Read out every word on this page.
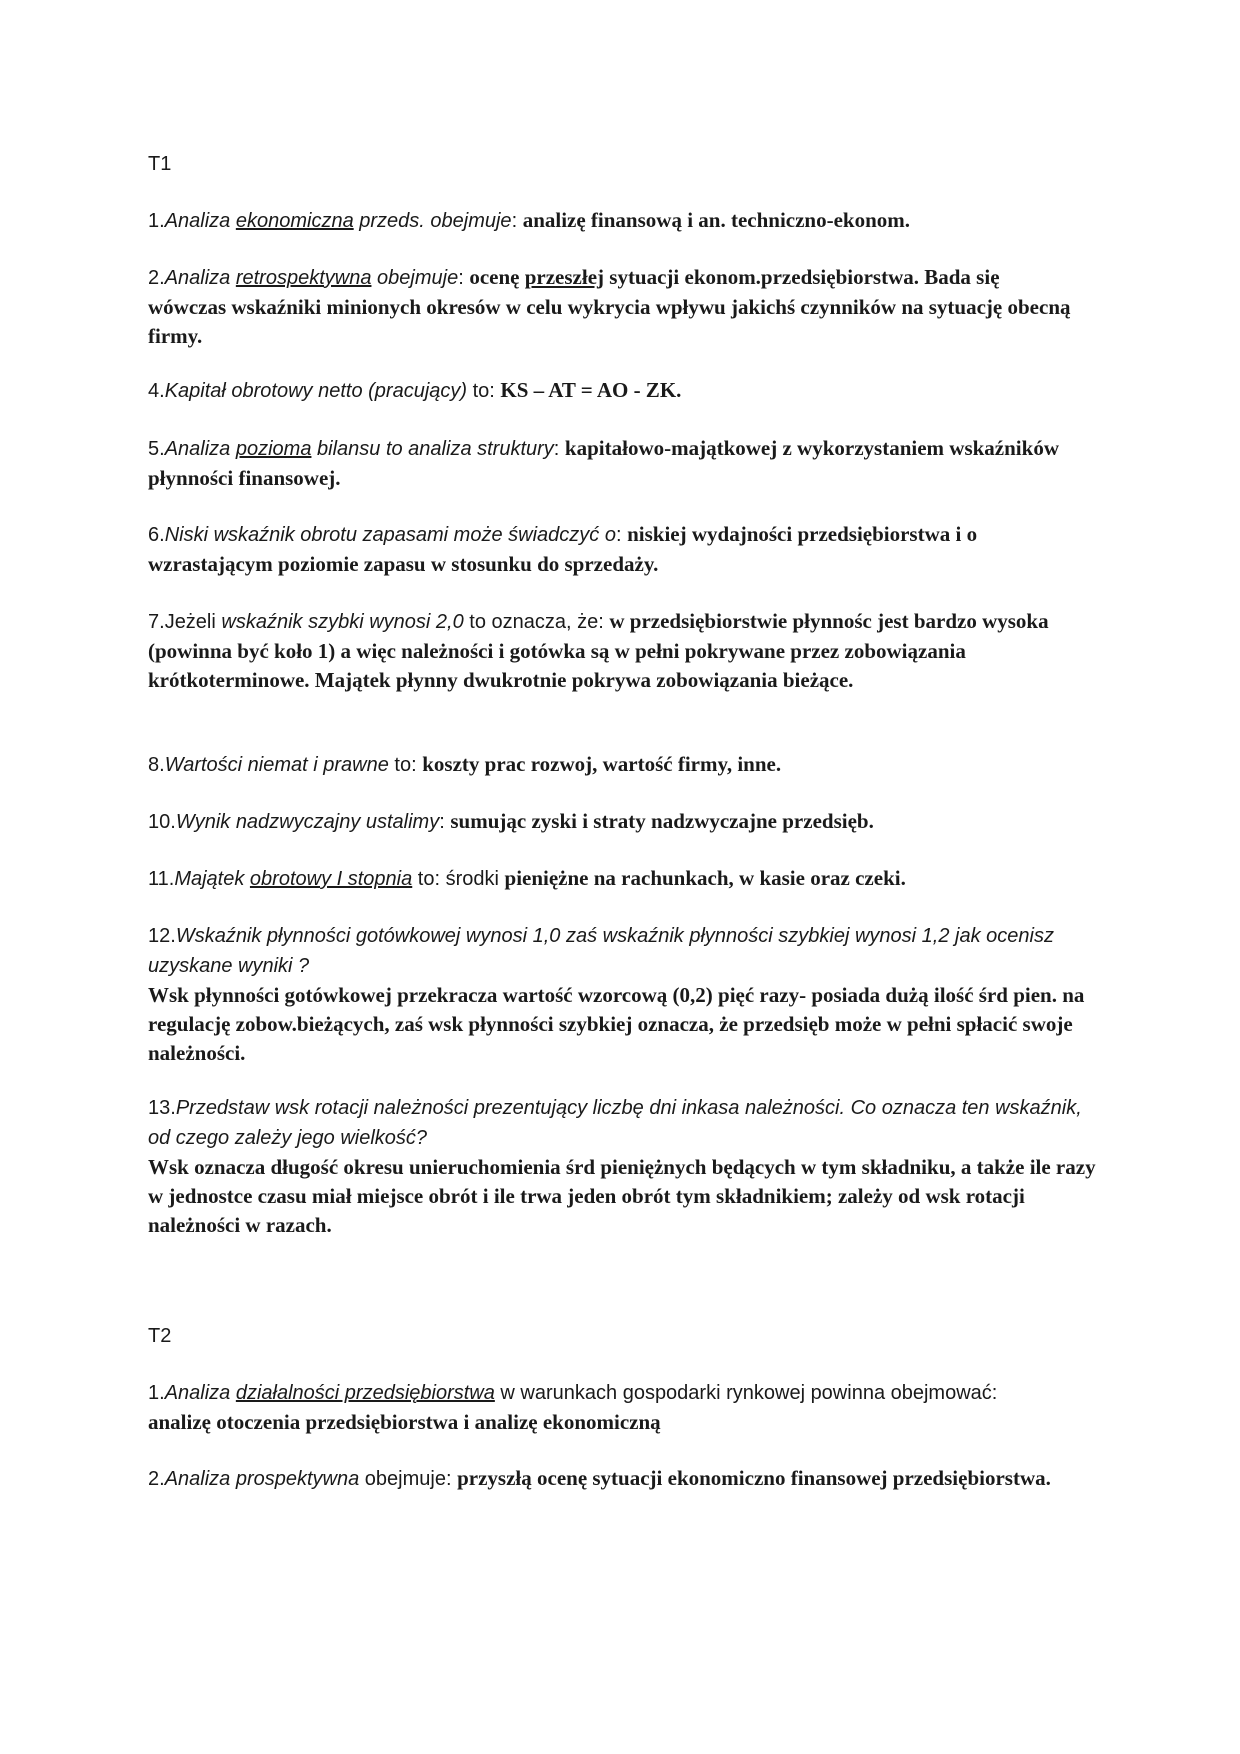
T1

1.Analiza ekonomiczna przeds. obejmuje: analizę finansową i an. techniczno-ekonom.

2.Analiza retrospektywna obejmuje: ocenę przeszłej sytuacji ekonom.przedsiębiorstwa. Bada się wówczas wskaźniki minionych okresów w celu wykrycia wpływu jakichś czynników na sytuację obecną firmy.

4.Kapitał obrotowy netto (pracujący) to: KS – AT = AO - ZK.

5.Analiza pozioma bilansu to analiza struktury: kapitałowo-majątkowej z wykorzystaniem wskaźników płynności finansowej.

6.Niski wskaźnik obrotu zapasami może świadczyć o: niskiej wydajności przedsiębiorstwa i o wzrastającym poziomie zapasu w stosunku do sprzedaży.

7.Jeżeli wskaźnik szybki wynosi 2,0 to oznacza, że: w przedsiębiorstwie płynnośc jest bardzo wysoka (powinna być koło 1) a więc należności i gotówka są w pełni pokrywane przez zobowiązania krótkoterminowe. Majątek płynny dwukrotnie pokrywa zobowiązania bieżące.

8.Wartości niemat i prawne to: koszty prac rozwoj, wartość firmy, inne.

10.Wynik nadzwyczajny ustalimy: sumując zyski i straty nadzwyczajne przedsięb.

11.Majątek obrotowy I stopnia to: środki pieniężne na rachunkach, w kasie oraz czeki.

12.Wskaźnik płynności gotówkowej wynosi 1,0 zaś wskaźnik płynności szybkiej wynosi 1,2 jak ocenisz uzyskane wyniki ?
Wsk płynności gotówkowej przekracza wartość wzorcową (0,2) pięć razy- posiada dużą ilość śrd pien. na regulację zobow.bieżących, zaś wsk płynności szybkiej oznacza, że przedsięb może w pełni spłacić swoje należności.

13.Przedstaw wsk rotacji należności prezentujący liczbę dni inkasa należności. Co oznacza ten wskaźnik, od czego zależy jego wielkość?
Wsk oznacza długość okresu unieruchomienia śrd pieniężnych będących w tym składniku, a także ile razy w jednostce czasu miał miejsce obrót i ile trwa jeden obrót tym składnikiem; zależy od wsk rotacji należności w razach.

T2

1.Analiza działalności przedsiębiorstwa w warunkach gospodarki rynkowej powinna obejmować: analizę otoczenia przedsiębiorstwa i analizę ekonomiczną

2.Analiza prospektywna obejmuje: przyszłą ocenę sytuacji ekonomiczno finansowej przedsiębiorstwa.
